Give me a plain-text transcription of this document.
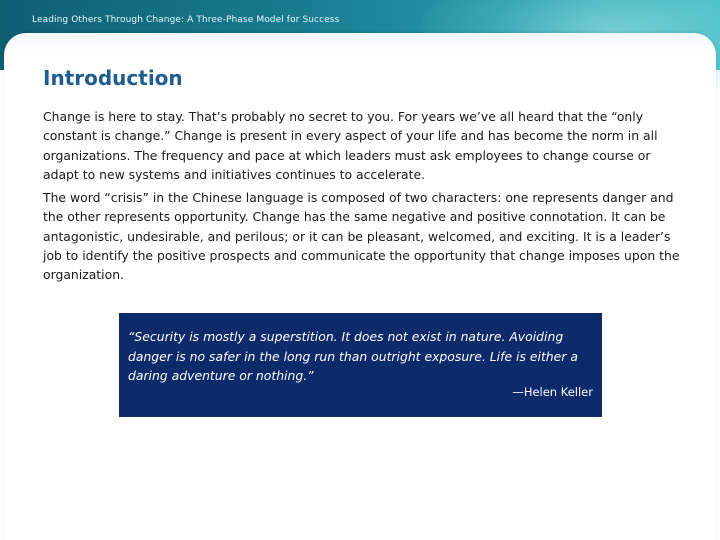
Leading Others Through Change: A Three-Phase Model for Success
Introduction

Change is here to stay. That’s probably no secret to you. For years we’ve all heard that the “only constant is change.” Change is present in every aspect of your life and has become the norm in all organizations. The frequency and pace at which leaders must ask employees to change course or adapt to new systems and initiatives continues to accelerate.

The word “crisis” in the Chinese language is composed of two characters: one represents danger and the other represents opportunity. Change has the same negative and positive connotation. It can be antagonistic, undesirable, and perilous; or it can be pleasant, welcomed, and exciting. It is a leader’s job to identify the positive prospects and communicate the opportunity that change imposes upon the organization.

“Security is mostly a superstition. It does not exist in nature. Avoiding danger is no safer in the long run than outright exposure. Life is either a daring adventure or nothing.”

—Helen Keller
